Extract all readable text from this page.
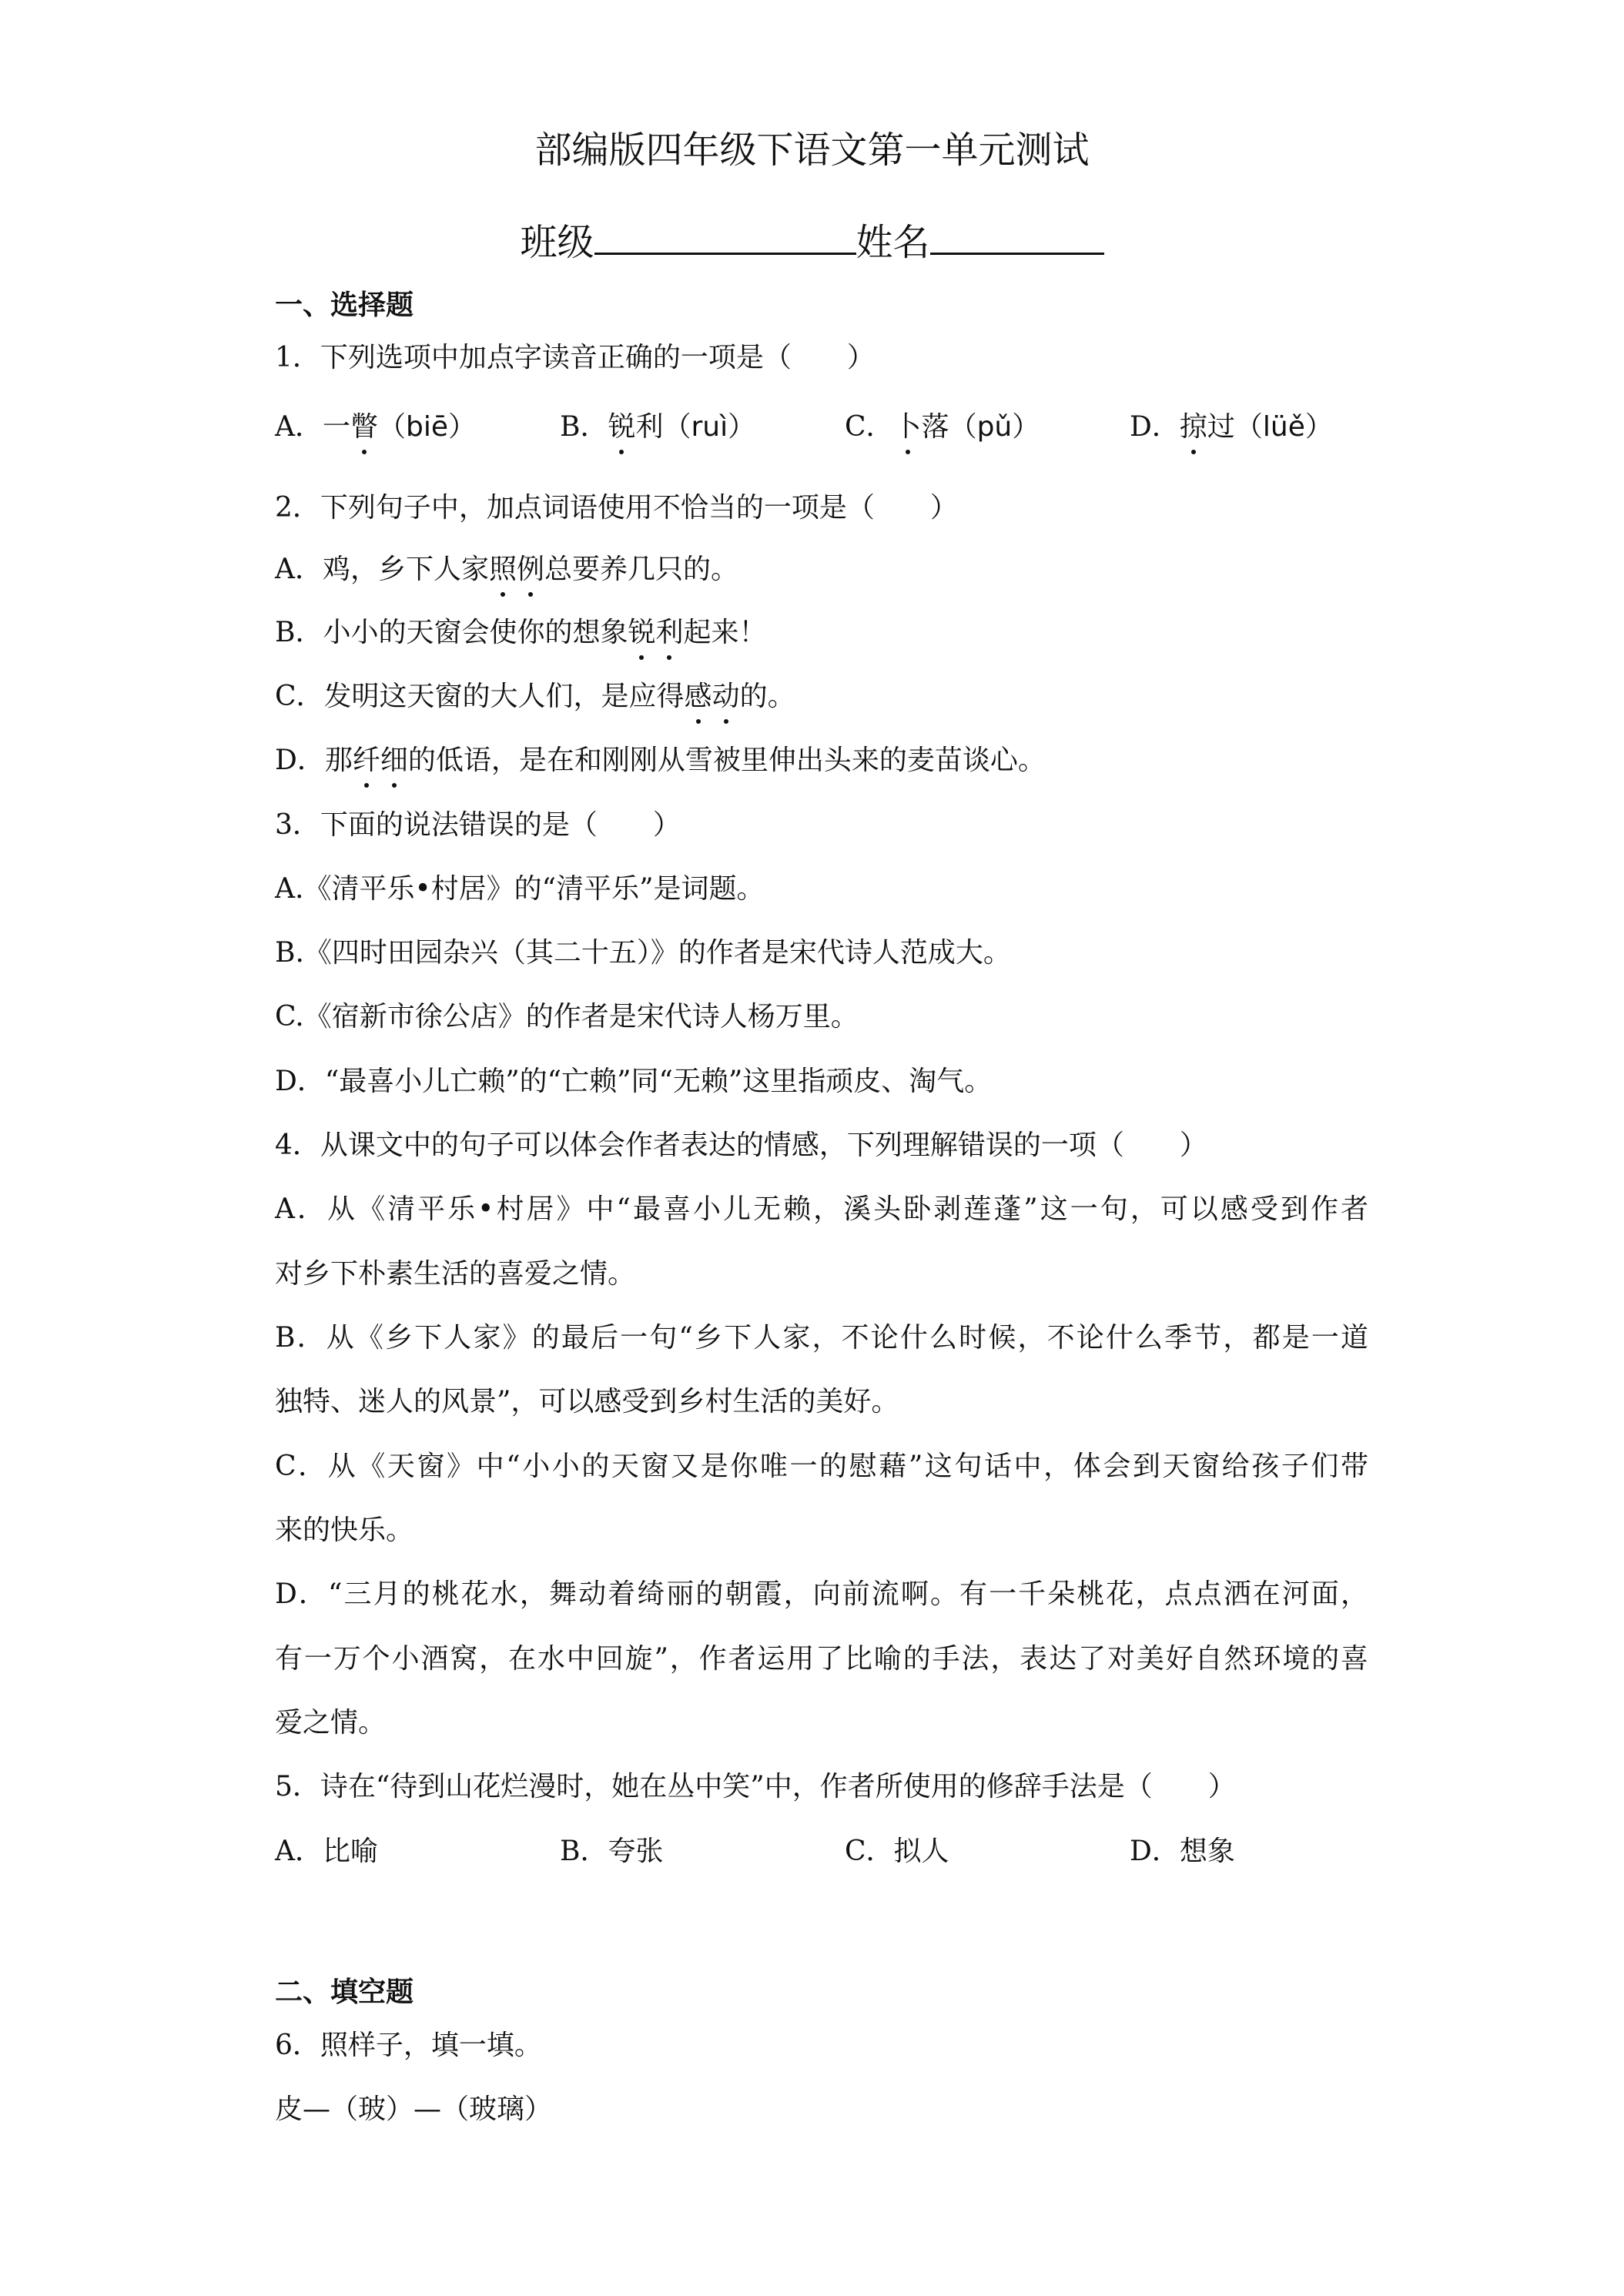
部编版四年级下语文第一单元测试
班级	姓名
一、选择题
1．下列选项中加点字读音正确的一项是（　　）
A．一瞥（biē）	B．锐利（ruì）	C．卜落（pǔ）	D．掠过（lüě）
2．下列句子中，加点词语使用不恰当的一项是（　　）
A．鸡，乡下人家照例总要养几只的。
B．小小的天窗会使你的想象锐利起来！
C．发明这天窗的大人们，是应得感动的。
D．那纤细的低语，是在和刚刚从雪被里伸出头来的麦苗谈心。
3．下面的说法错误的是（　　）
A.《清平乐•村居》的“清平乐”是词题。
B.《四时田园杂兴（其二十五）》的作者是宋代诗人范成大。
C.《宿新市徐公店》的作者是宋代诗人杨万里。
D．“最喜小儿亡赖”的“亡赖”同“无赖”这里指顽皮、淘气。
4．从课文中的句子可以体会作者表达的情感，下列理解错误的一项（　　）
A．从《清平乐•村居》中“最喜小儿无赖，溪头卧剥莲蓬”这一句，可以感受到作者
对乡下朴素生活的喜爱之情。
B．从《乡下人家》的最后一句“乡下人家，不论什么时候，不论什么季节，都是一道
独特、迷人的风景”，可以感受到乡村生活的美好。
C．从《天窗》中“小小的天窗又是你唯一的慰藉”这句话中，体会到天窗给孩子们带
来的快乐。
D．“三月的桃花水，舞动着绮丽的朝霞，向前流啊。有一千朵桃花，点点洒在河面，
有一万个小酒窝，在水中回旋”，作者运用了比喻的手法，表达了对美好自然环境的喜
爱之情。
5．诗在“待到山花烂漫时，她在丛中笑”中，作者所使用的修辞手法是（　　）
A．比喻	B．夸张	C．拟人	D．想象
二、填空题
6．照样子，填一填。
皮—（玻）—（玻璃）
